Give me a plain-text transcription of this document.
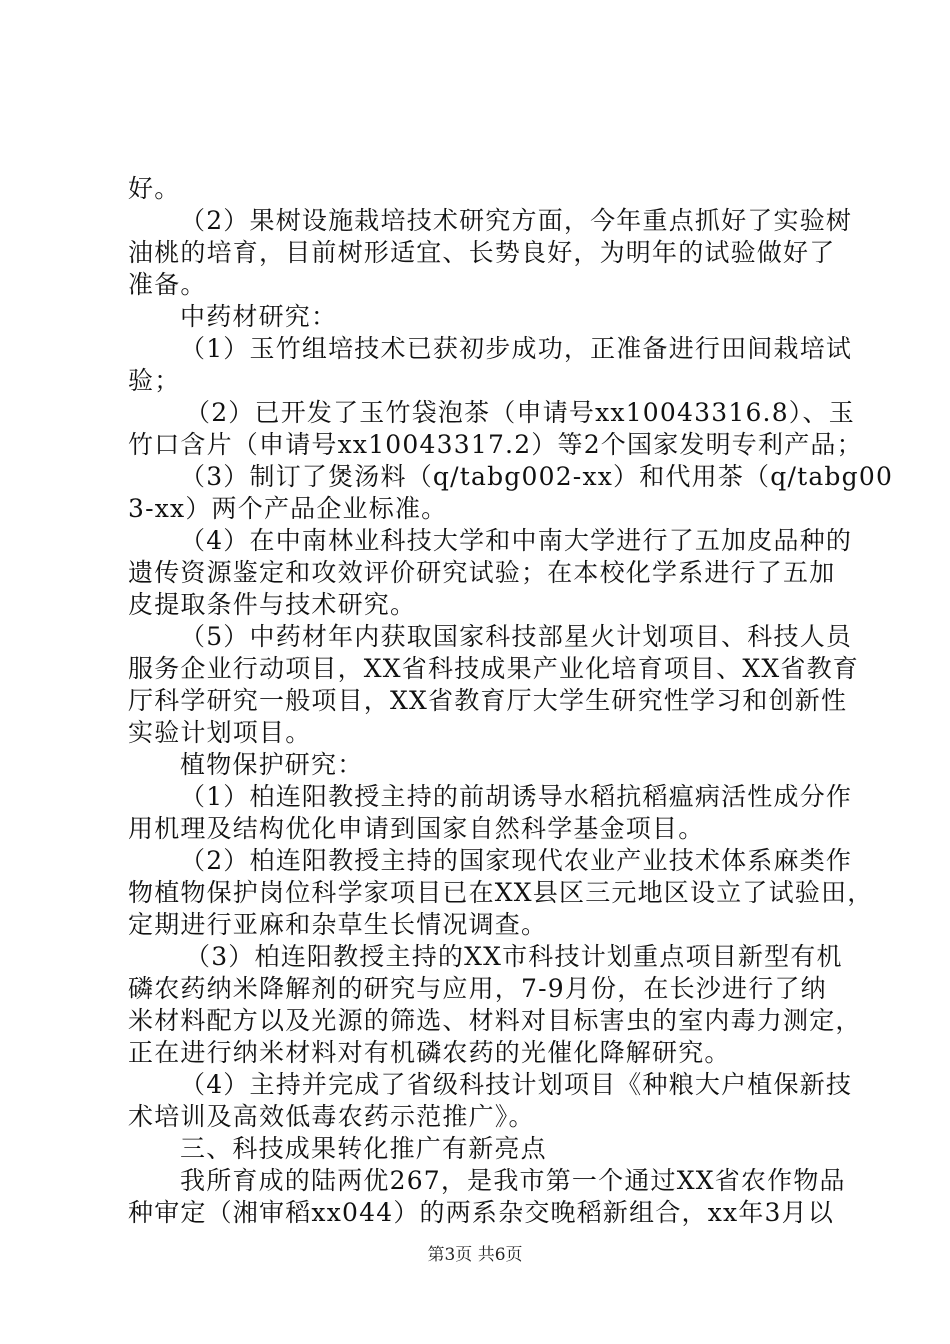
好。
（2）果树设施栽培技术研究方面，今年重点抓好了实验树
油桃的培育，目前树形适宜、长势良好，为明年的试验做好了
准备。
中药材研究：
（1）玉竹组培技术已获初步成功，正准备进行田间栽培试
验；
（2）已开发了玉竹袋泡茶（申请号xx10043316.8）、玉
竹口含片（申请号xx10043317.2）等2个国家发明专利产品；
（3）制订了煲汤料（q/tabg002-xx）和代用茶（q/tabg00
3-xx）两个产品企业标准。
（4）在中南林业科技大学和中南大学进行了五加皮品种的
遗传资源鉴定和攻效评价研究试验；在本校化学系进行了五加
皮提取条件与技术研究。
（5）中药材年内获取国家科技部星火计划项目、科技人员
服务企业行动项目，XX省科技成果产业化培育项目、XX省教育
厅科学研究一般项目，XX省教育厅大学生研究性学习和创新性
实验计划项目。
植物保护研究：
（1）柏连阳教授主持的前胡诱导水稻抗稻瘟病活性成分作
用机理及结构优化申请到国家自然科学基金项目。
（2）柏连阳教授主持的国家现代农业产业技术体系麻类作
物植物保护岗位科学家项目已在XX县区三元地区设立了试验田，
定期进行亚麻和杂草生长情况调查。
（3）柏连阳教授主持的XX市科技计划重点项目新型有机
磷农药纳米降解剂的研究与应用，7-9月份，在长沙进行了纳
米材料配方以及光源的筛选、材料对目标害虫的室内毒力测定，
正在进行纳米材料对有机磷农药的光催化降解研究。
（4）主持并完成了省级科技计划项目《种粮大户植保新技
术培训及高效低毒农药示范推广》。
三、科技成果转化推广有新亮点
我所育成的陆两优267，是我市第一个通过XX省农作物品
种审定（湘审稻xx044）的两系杂交晚稻新组合，xx年3月以
第3页 共6页
